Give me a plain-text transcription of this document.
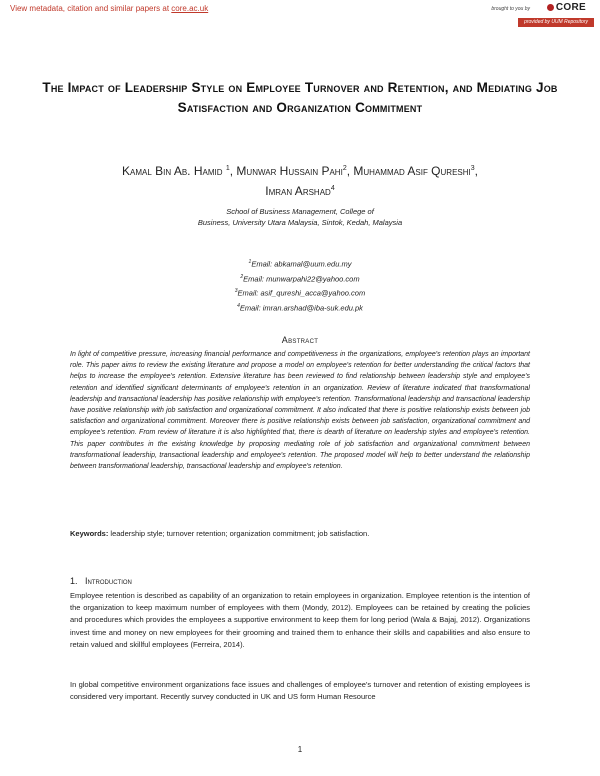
View metadata, citation and similar papers at core.ac.uk	brought to you by	CORE
provided by UUM Repository
The Impact of Leadership Style on Employee Turnover and Retention, and Mediating Job Satisfaction and Organization Commitment
Kamal Bin Ab. Hamid $^1$, Munwar Hussain Pahi$^2$, Muhammad Asif Qureshi$^3$,
Imran Arshad$^4$
School of Business Management, College of
Business, University Utara Malaysia, Sintok, Kedah, Malaysia
$^1$Email: abkamal@uum.edu.my
$^2$Email: munwarpahi22@yahoo.com
$^3$Email: asif_qureshi_acca@yahoo.com
$^4$Email: imran.arshad@iba-suk.edu.pk
Abstract
In light of competitive pressure, increasing financial performance and competitiveness in the organizations, employee's retention plays an important role. This paper aims to review the existing literature and propose a model on employee's retention for better understanding the critical factors that helps to increase the employee's retention. Extensive literature has been reviewed to find relationship between leadership style and employee's retention and identified significant determinants of employee's retention in an organization. Review of literature indicated that transformational leadership and transactional leadership has positive relationship with employee's retention. Transformational leadership and transactional leadership have positive relationship with job satisfaction and organizational commitment. It also indicated that there is positive relationship exists between job satisfaction and organizational commitment. Moreover there is positive relationship exists between job satisfaction, organizational commitment and employee's retention. From review of literature it is also highlighted that, there is dearth of literature on leadership styles and employee's retention. This paper contributes in the existing knowledge by proposing mediating role of job satisfaction and organizational commitment between transformational leadership, transactional leadership and employee's retention. The proposed model will help to better understand the relationship between transformational leadership, transactional leadership and employee's retention.
Keywords: leadership style; turnover retention; organization commitment; job satisfaction.
1. Introduction
Employee retention is described as capability of an organization to retain employees in organization. Employee retention is the intention of the organization to keep maximum number of employees with them (Mondy, 2012). Employees can be retained by creating the policies and procedures which provides the employees a supportive environment to keep them for long period (Wala & Bajaj, 2012). Organizations invest time and money on new employees for their grooming and trained them to enhance their skills and capabilities and also ensure to retain valued and skillful employees (Ferreira, 2014).
In global competitive environment organizations face issues and challenges of employee's turnover and retention of existing employees is considered very important. Recently survey conducted in UK and US form Human Resource
1
